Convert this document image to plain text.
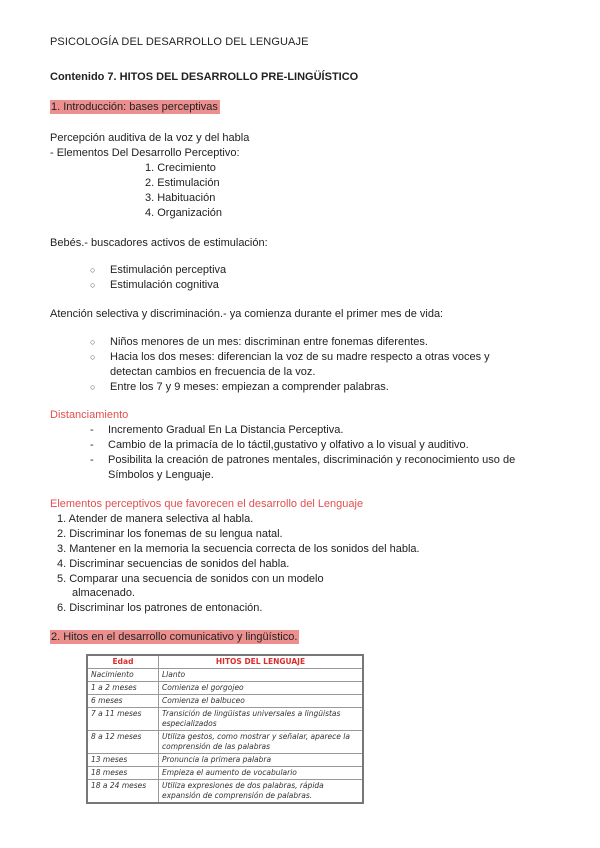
PSICOLOGÍA DEL DESARROLLO DEL LENGUAJE
Contenido 7. HITOS DEL DESARROLLO PRE-LINGÜÍSTICO
1. Introducción: bases perceptivas
Percepción auditiva de la voz y del habla
- Elementos Del Desarrollo Perceptivo:
1. Crecimiento
2. Estimulación
3. Habituación
4. Organización
Bebés.- buscadores activos de estimulación:
○ Estimulación perceptiva
○ Estimulación cognitiva
Atención selectiva y discriminación.- ya comienza durante el primer mes de vida:
○ Niños menores de un mes: discriminan entre fonemas diferentes.
○ Hacia los dos meses: diferencian la voz de su madre respecto a otras voces y
detectan cambios en frecuencia de la voz.
○ Entre los 7 y 9 meses: empiezan a comprender palabras.
Distanciamiento
- Incremento Gradual En La Distancia Perceptiva.
- Cambio de la primacía de lo táctil,gustativo y olfativo a lo visual y auditivo.
- Posibilita la creación de patrones mentales, discriminación y reconocimiento uso de
Símbolos y Lenguaje.
Elementos perceptivos que favorecen el desarrollo del Lenguaje
1. Atender de manera selectiva al habla.
2. Discriminar los fonemas de su lengua natal.
3. Mantener en la memoria la secuencia correcta de los sonidos del habla.
4. Discriminar secuencias de sonidos del habla.
5. Comparar una secuencia de sonidos con un modelo
almacenado.
6. Discriminar los patrones de entonación.
2. Hitos en el desarrollo comunicativo y lingüístico.
Edad	HITOS DEL LENGUAJE
Nacimiento	Llanto
1 a 2 meses	Comienza el gorgojeo
6 meses	Comienza el balbuceo
7 a 11 meses	Transición de lingüistas universales a lingüistas especializados
8 a 12 meses	Utiliza gestos, como mostrar y señalar, aparece la comprensión de las palabras
13 meses	Pronuncia la primera palabra
18 meses	Empieza el aumento de vocabulario
18 a 24 meses	Utiliza expresiones de dos palabras, rápida expansión de comprensión de palabras.
